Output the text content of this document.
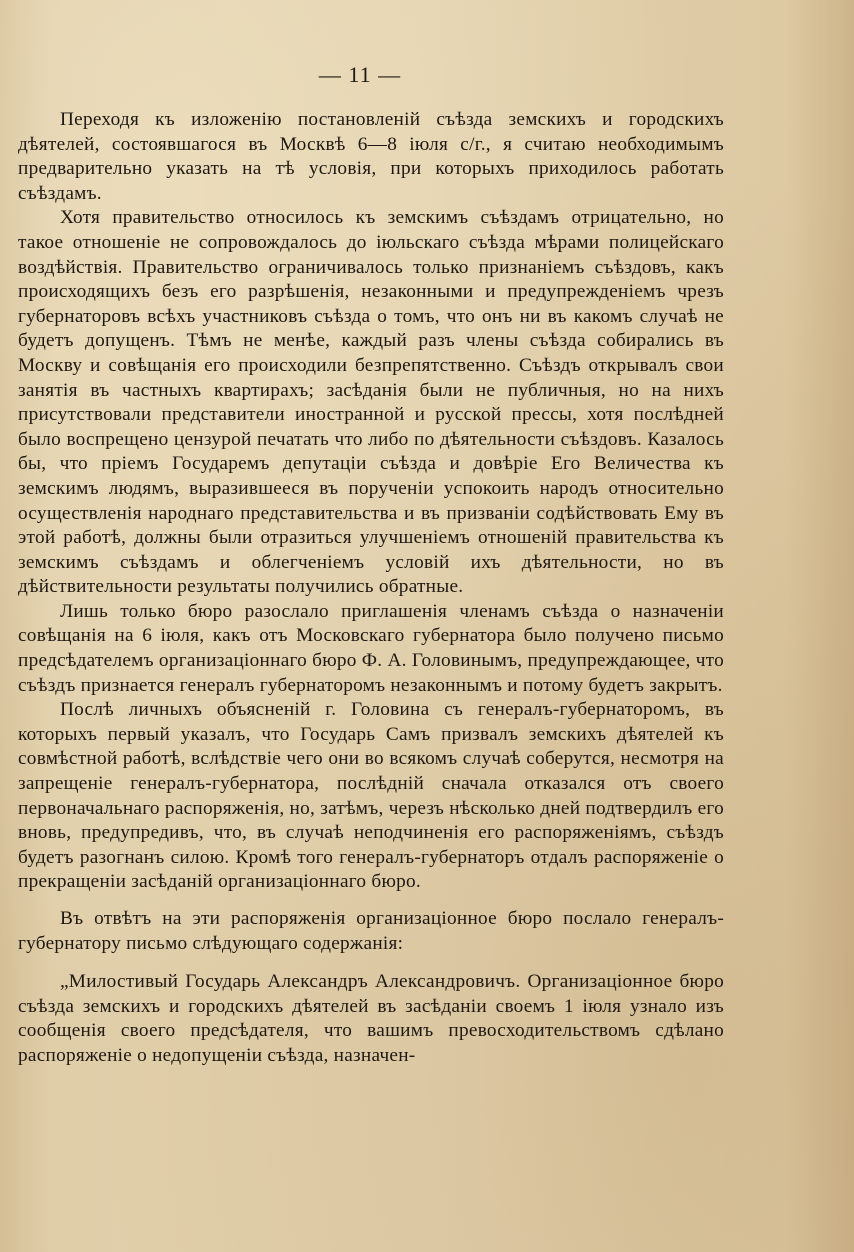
— 11 —

Переходя къ изложенію постановленій съѣзда земскихъ и городскихъ дѣятелей, состоявшагося въ Москвѣ 6—8 іюля с/г., я считаю необходимымъ предварительно указать на тѣ условія, при которыхъ приходилось работать съѣздамъ.

Хотя правительство относилось къ земскимъ съѣздамъ отрицательно, но такое отношеніе не сопровождалось до іюльскаго съѣзда мѣрами полицейскаго воздѣйствія. Правительство ограничивалось только признаніемъ съѣздовъ, какъ происходящихъ безъ его разрѣшенія, незаконными и предупрежденіемъ чрезъ губернаторовъ всѣхъ участниковъ съѣзда о томъ, что онъ ни въ какомъ случаѣ не будетъ допущенъ. Тѣмъ не менѣе, каждый разъ члены съѣзда собирались въ Москву и совѣщанія его происходили безпрепятственно. Съѣздъ открывалъ свои занятія въ частныхъ квартирахъ; засѣданія были не публичныя, но на нихъ присутствовали представители иностранной и русской прессы, хотя послѣдней было воспрещено цензурой печатать что либо по дѣятельности съѣздовъ. Казалось бы, что пріемъ Государемъ депутаціи съѣзда и довѣріе Его Величества къ земскимъ людямъ, выразившееся въ порученіи успокоить народъ относительно осуществленія народнаго представительства и въ призваніи содѣйствовать Ему въ этой работѣ, должны были отразиться улучшеніемъ отношеній правительства къ земскимъ съѣздамъ и облегченіемъ условій ихъ дѣятельности, но въ дѣйствительности результаты получились обратные.

Лишь только бюро разослало приглашенія членамъ съѣзда о назначеніи совѣщанія на 6 іюля, какъ отъ Московскаго губернатора было получено письмо предсѣдателемъ организаціоннаго бюро Ф. А. Головинымъ, предупреждающее, что съѣздъ признается генералъ губернаторомъ незаконнымъ и потому будетъ закрытъ.

Послѣ личныхъ объясненій г. Головина съ генералъ-губернаторомъ, въ которыхъ первый указалъ, что Государь Самъ призвалъ земскихъ дѣятелей къ совмѣстной работѣ, вслѣдствіе чего они во всякомъ случаѣ соберутся, несмотря на запрещеніе генералъ-губернатора, послѣдній сначала отказался отъ своего первоначальнаго распоряженія, но, затѣмъ, черезъ нѣсколько дней подтвердилъ его вновь, предупредивъ, что, въ случаѣ неподчиненія его распоряженіямъ, съѣздъ будетъ разогнанъ силою. Кромѣ того генералъ-губернаторъ отдалъ распоряженіе о прекращеніи засѣданій организаціоннаго бюро.

Въ отвѣтъ на эти распоряженія организаціонное бюро послало генералъ-губернатору письмо слѣдующаго содержанія:

„Милостивый Государь Александръ Александровичъ. Организаціонное бюро съѣзда земскихъ и городскихъ дѣятелей въ засѣданіи своемъ 1 іюля узнало изъ сообщенія своего предсѣдателя, что вашимъ превосходительствомъ сдѣлано распоряженіе о недопущеніи съѣзда, назначен-
